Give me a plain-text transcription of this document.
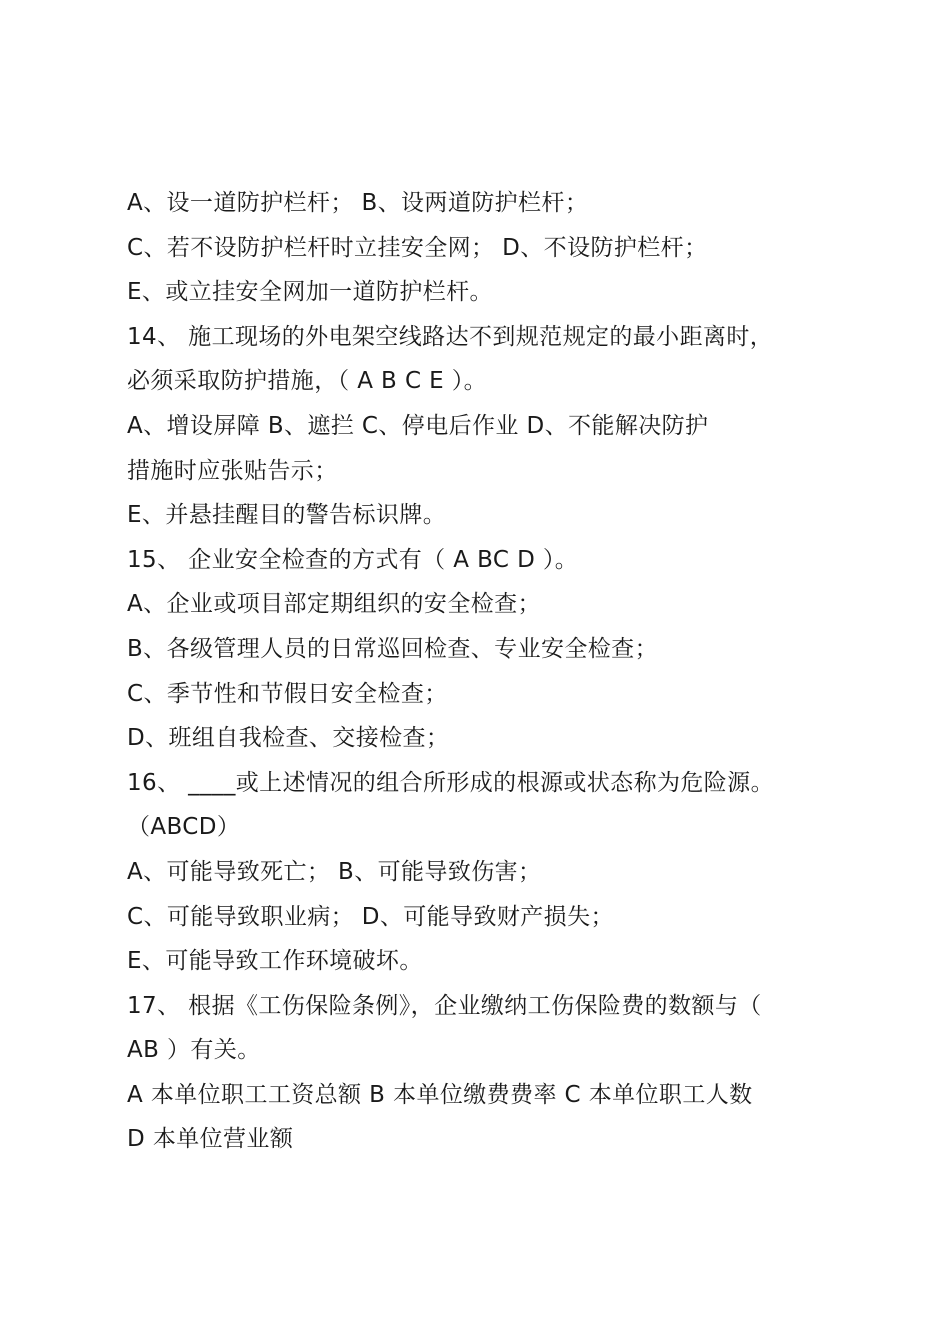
A、设一道防护栏杆； B、设两道防护栏杆；
C、若不设防护栏杆时立挂安全网； D、不设防护栏杆；
E、或立挂安全网加一道防护栏杆。
14、 施工现场的外电架空线路达不到规范规定的最小距离时，
必须采取防护措施，（ A B C E ）。
A、增设屏障 B、遮拦 C、停电后作业 D、不能解决防护
措施时应张贴告示；
E、并悬挂醒目的警告标识牌。
15、 企业安全检查的方式有（ A BC D ）。
A、企业或项目部定期组织的安全检查；
B、各级管理人员的日常巡回检查、专业安全检查；
C、季节性和节假日安全检查；
D、班组自我检查、交接检查；
16、 ____或上述情况的组合所形成的根源或状态称为危险源。
（ABCD）
A、可能导致死亡； B、可能导致伤害；
C、可能导致职业病； D、可能导致财产损失；
E、可能导致工作环境破坏。
17、 根据《工伤保险条例》，企业缴纳工伤保险费的数额与（
AB ）有关。
A 本单位职工工资总额 B 本单位缴费费率 C 本单位职工人数
D 本单位营业额
